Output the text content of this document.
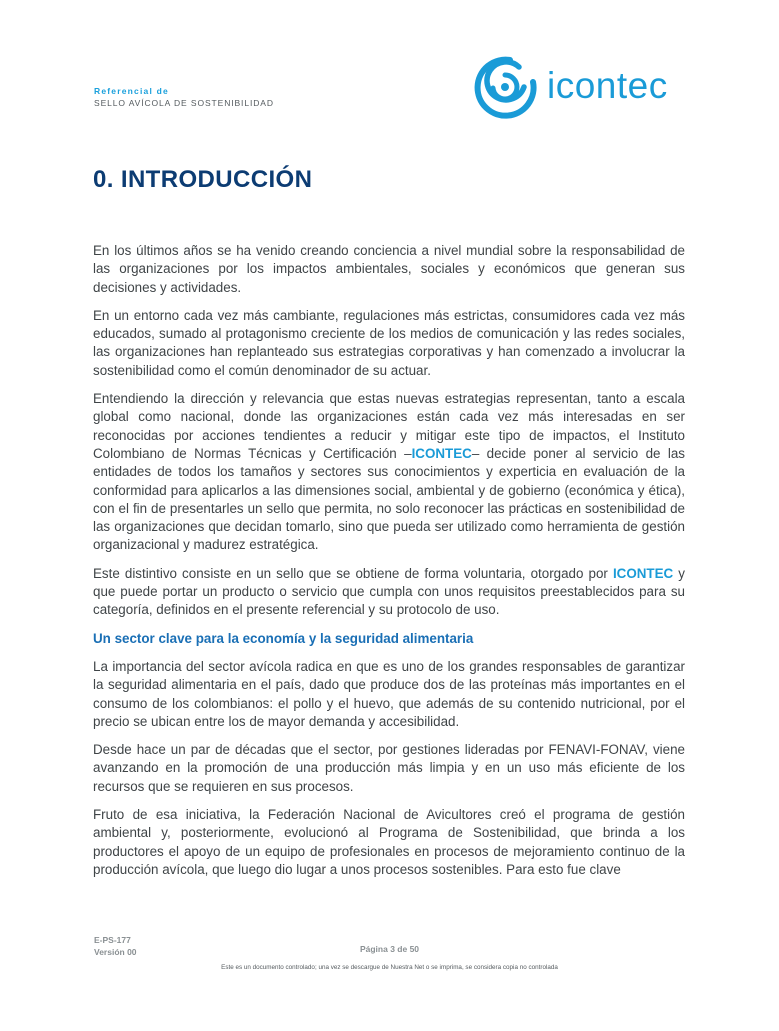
Referencial de
SELLO AVÍCOLA DE SOSTENIBILIDAD	icontec
0. INTRODUCCIÓN

En los últimos años se ha venido creando conciencia a nivel mundial sobre la responsabilidad de las organizaciones por los impactos ambientales, sociales y económicos que generan sus decisiones y actividades.

En un entorno cada vez más cambiante, regulaciones más estrictas, consumidores cada vez más educados, sumado al protagonismo creciente de los medios de comunicación y las redes sociales, las organizaciones han replanteado sus estrategias corporativas y han comenzado a involucrar la sostenibilidad como el común denominador de su actuar.

Entendiendo la dirección y relevancia que estas nuevas estrategias representan, tanto a escala global como nacional, donde las organizaciones están cada vez más interesadas en ser reconocidas por acciones tendientes a reducir y mitigar este tipo de impactos, el Instituto Colombiano de Normas Técnicas y Certificación –ICONTEC– decide poner al servicio de las entidades de todos los tamaños y sectores sus conocimientos y experticia en evaluación de la conformidad para aplicarlos a las dimensiones social, ambiental y de gobierno (económica y ética), con el fin de presentarles un sello que permita, no solo reconocer las prácticas en sostenibilidad de las organizaciones que decidan tomarlo, sino que pueda ser utilizado como herramienta de gestión organizacional y madurez estratégica.

Este distintivo consiste en un sello que se obtiene de forma voluntaria, otorgado por ICONTEC y que puede portar un producto o servicio que cumpla con unos requisitos preestablecidos para su categoría, definidos en el presente referencial y su protocolo de uso.

Un sector clave para la economía y la seguridad alimentaria

La importancia del sector avícola radica en que es uno de los grandes responsables de garantizar la seguridad alimentaria en el país, dado que produce dos de las proteínas más importantes en el consumo de los colombianos: el pollo y el huevo, que además de su contenido nutricional, por el precio se ubican entre los de mayor demanda y accesibilidad.

Desde hace un par de décadas que el sector, por gestiones lideradas por FENAVI-FONAV, viene avanzando en la promoción de una producción más limpia y en un uso más eficiente de los recursos que se requieren en sus procesos.

Fruto de esa iniciativa, la Federación Nacional de Avicultores creó el programa de gestión ambiental y, posteriormente, evolucionó al Programa de Sostenibilidad, que brinda a los productores el apoyo de un equipo de profesionales en procesos de mejoramiento continuo de la producción avícola, que luego dio lugar a unos procesos sostenibles. Para esto fue clave

E-PS-177
Versión 00	Página 3 de 50
Este es un documento controlado; una vez se descargue de Nuestra Net o se imprima, se considera copia no controlada
